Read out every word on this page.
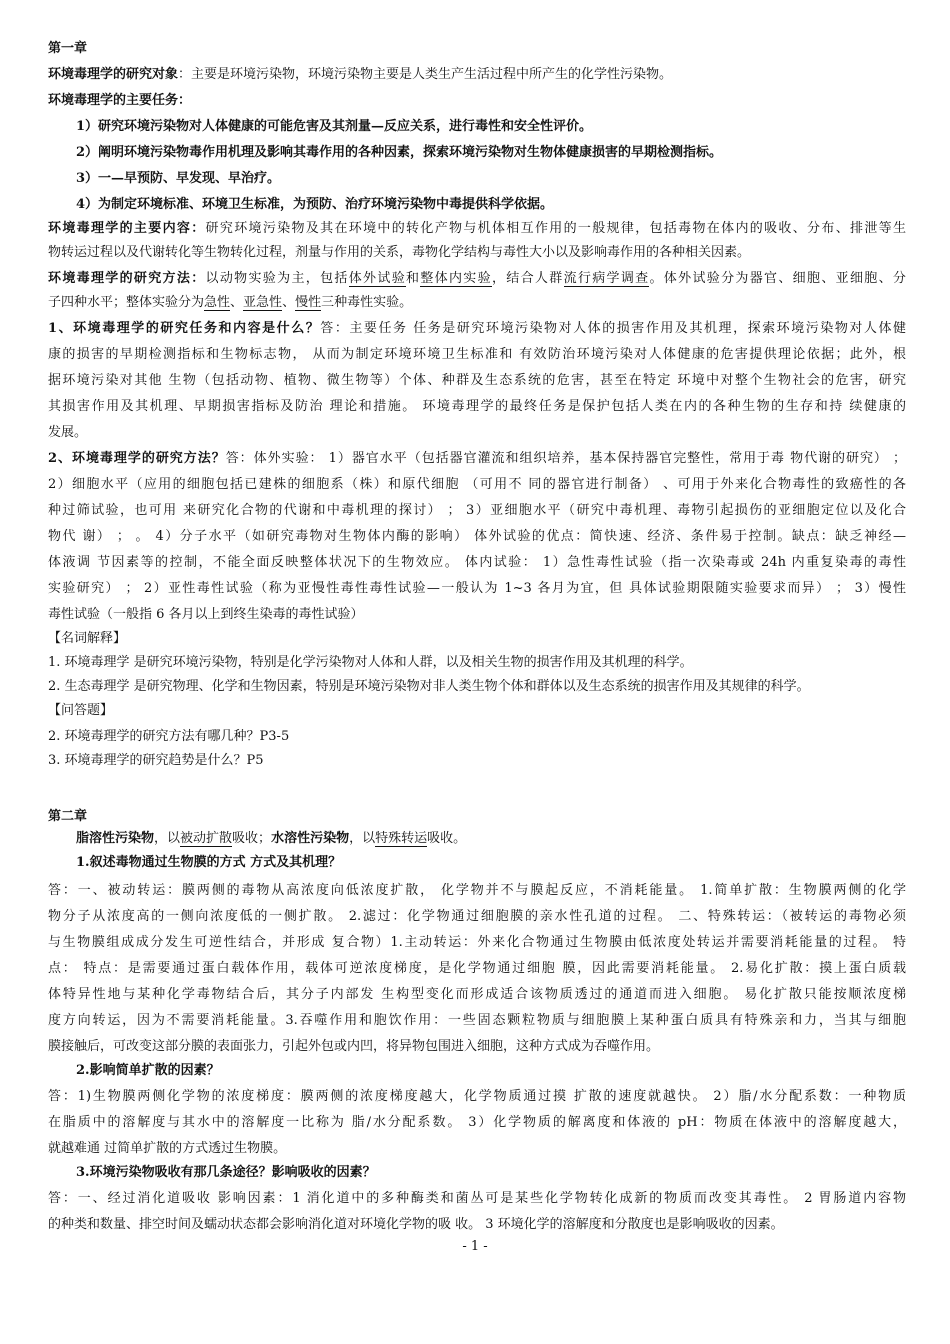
第一章
环境毒理学的研究对象：主要是环境污染物，环境污染物主要是人类生产生活过程中所产生的化学性污染物。
环境毒理学的主要任务：
1）研究环境污染物对人体健康的可能危害及其剂量—反应关系，进行毒性和安全性评价。
2）阐明环境污染物毒作用机理及影响其毒作用的各种因素，探索环境污染物对生物体健康损害的早期检测指标。
3）一—早预防、早发现、早治疗。
4）为制定环境标准、环境卫生标准，为预防、治疗环境污染物中毒提供科学依据。
环境毒理学的主要内容：研究环境污染物及其在环境中的转化产物与机体相互作用的一般规律，包括毒物在体内的吸收、分布、排泄等生
物转运过程以及代谢转化等生物转化过程，剂量与作用的关系，毒物化学结构与毒性大小以及影响毒作用的各种相关因素。
环境毒理学的研究方法：以动物实验为主，包括体外试验和整体内实验，结合人群流行病学调查。体外试验分为器官、细胞、亚细胞、分
子四种水平；整体实验分为急性、亚急性、慢性三种毒性实验。
1、环境毒理学的研究任务和内容是什么？答：主要任务 任务是研究环境污染物对人体的损害作用及其机理，探索环境污染物对人体健
康的损害的早期检测指标和生物标志物， 从而为制定环境环境卫生标准和 有效防治环境污染对人体健康的危害提供理论依据；此外，根
据环境污染对其他 生物（包括动物、植物、微生物等）个体、种群及生态系统的危害，甚至在特定 环境中对整个生物社会的危害，研究
其损害作用及其机理、早期损害指标及防治 理论和措施。 环境毒理学的最终任务是保护包括人类在内的各种生物的生存和持 续健康的
发展。
2、环境毒理学的研究方法？答：体外实验： 1）器官水平（包括器官灌流和组织培养，基本保持器官完整性，常用于毒 物代谢的研究） ；
2）细胞水平（应用的细胞包括已建株的细胞系（株）和原代细胞 （可用不 同的器官进行制备） 、可用于外来化合物毒性的致癌性的各
种过筛试验，也可用 来研究化合物的代谢和中毒机理的探讨） ； 3）亚细胞水平（研究中毒机理、毒物引起损伤的亚细胞定位以及化合
物代 谢） ； 。 4）分子水平（如研究毒物对生物体内酶的影响） 体外试验的优点：简快速、经济、条件易于控制。缺点：缺乏神经—
体液调 节因素等的控制，不能全面反映整体状况下的生物效应。 体内试验： 1）急性毒性试验（指一次染毒或 24h 内重复染毒的毒性
实验研究） ； 2）亚性毒性试验（称为亚慢性毒性毒性试验—一般认为 1~3 各月为宜，但 具体试验期限随实验要求而异） ； 3）慢性
毒性试验（一般指 6 各月以上到终生染毒的毒性试验）
【名词解释】
1. 环境毒理学 是研究环境污染物，特别是化学污染物对人体和人群，以及相关生物的损害作用及其机理的科学。
2. 生态毒理学 是研究物理、化学和生物因素，特别是环境污染物对非人类生物个体和群体以及生态系统的损害作用及其规律的科学。
【问答题】
2. 环境毒理学的研究方法有哪几种？P3-5
3. 环境毒理学的研究趋势是什么？P5
第二章
脂溶性污染物，以被动扩散吸收；水溶性污染物，以特殊转运吸收。
1.叙述毒物通过生物膜的方式 方式及其机理？
答：一、被动转运：膜两侧的毒物从高浓度向低浓度扩散， 化学物并不与膜起反应，不消耗能量。 1.简单扩散：生物膜两侧的化学
物分子从浓度高的一侧向浓度低的一侧扩散。 2.滤过：化学物通过细胞膜的亲水性孔道的过程。 二、特殊转运：（被转运的毒物必须
与生物膜组成成分发生可逆性结合，并形成 复合物）1.主动转运：外来化合物通过生物膜由低浓度处转运并需要消耗能量的过程。 特
点： 特点：是需要通过蛋白载体作用，载体可逆浓度梯度，是化学物通过细胞 膜，因此需要消耗能量。 2.易化扩散：摸上蛋白质载
体特异性地与某种化学毒物结合后，其分子内部发 生构型变化而形成适合该物质透过的通道而进入细胞。 易化扩散只能按顺浓度梯
度方向转运，因为不需要消耗能量。3.吞噬作用和胞饮作用：一些固态颗粒物质与细胞膜上某种蛋白质具有特殊亲和力，当其与细胞
膜接触后，可改变这部分膜的表面张力，引起外包或内凹，将异物包围进入细胞，这种方式成为吞噬作用。
2.影响简单扩散的因素？
答：1)生物膜两侧化学物的浓度梯度：膜两侧的浓度梯度越大，化学物质通过摸 扩散的速度就越快。 2）脂/水分配系数：一种物质
在脂质中的溶解度与其水中的溶解度一比称为 脂/水分配系数。 3）化学物质的解离度和体液的 pH：物质在体液中的溶解度越大，
就越难通 过简单扩散的方式透过生物膜。
3.环境污染物吸收有那几条途径？影响吸收的因素？
答：一、经过消化道吸收 影响因素：1 消化道中的多种酶类和菌丛可是某些化学物转化成新的物质而改变其毒性。 2 胃肠道内容物
的种类和数量、排空时间及蠕动状态都会影响消化道对环境化学物的吸 收。 3 环境化学的溶解度和分散度也是影响吸收的因素。
- 1 -
